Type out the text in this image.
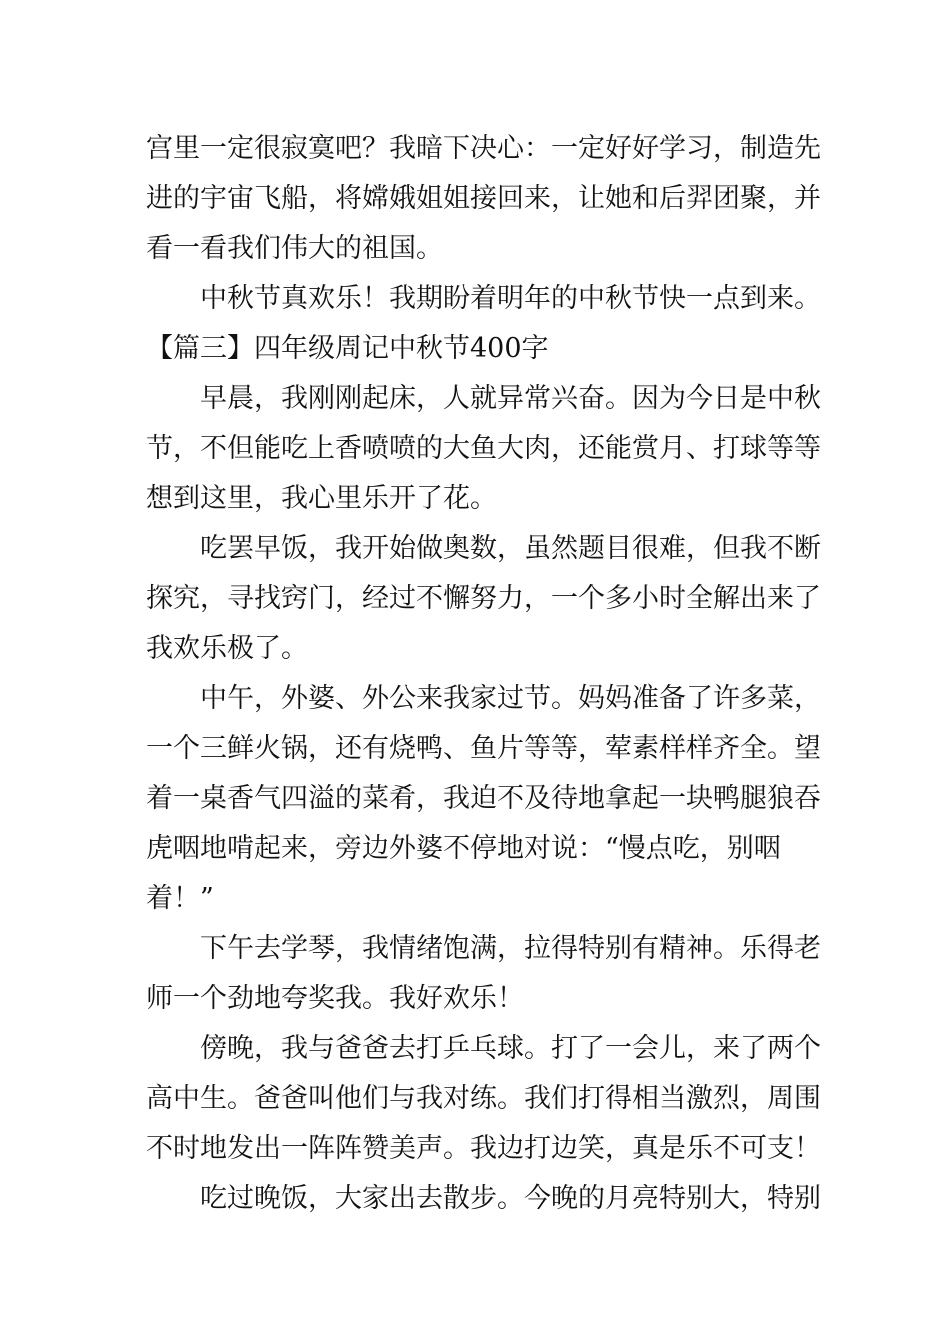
宫里一定很寂寞吧？我暗下决心：一定好好学习，制造先
进的宇宙飞船，将嫦娥姐姐接回来，让她和后羿团聚，并
看一看我们伟大的祖国。
中秋节真欢乐！我期盼着明年的中秋节快一点到来。
【篇三】四年级周记中秋节400字
早晨，我刚刚起床，人就异常兴奋。因为今日是中秋
节，不但能吃上香喷喷的大鱼大肉，还能赏月、打球等等
想到这里，我心里乐开了花。
吃罢早饭，我开始做奥数，虽然题目很难，但我不断
探究，寻找窍门，经过不懈努力，一个多小时全解出来了
我欢乐极了。
中午，外婆、外公来我家过节。妈妈准备了许多菜，
一个三鲜火锅，还有烧鸭、鱼片等等，荤素样样齐全。望
着一桌香气四溢的菜肴，我迫不及待地拿起一块鸭腿狼吞
虎咽地啃起来，旁边外婆不停地对说：“慢点吃，别咽
着！”
下午去学琴，我情绪饱满，拉得特别有精神。乐得老
师一个劲地夸奖我。我好欢乐！
傍晚，我与爸爸去打乒乓球。打了一会儿，来了两个
高中生。爸爸叫他们与我对练。我们打得相当激烈，周围
不时地发出一阵阵赞美声。我边打边笑，真是乐不可支！
吃过晚饭，大家出去散步。今晚的月亮特别大，特别
